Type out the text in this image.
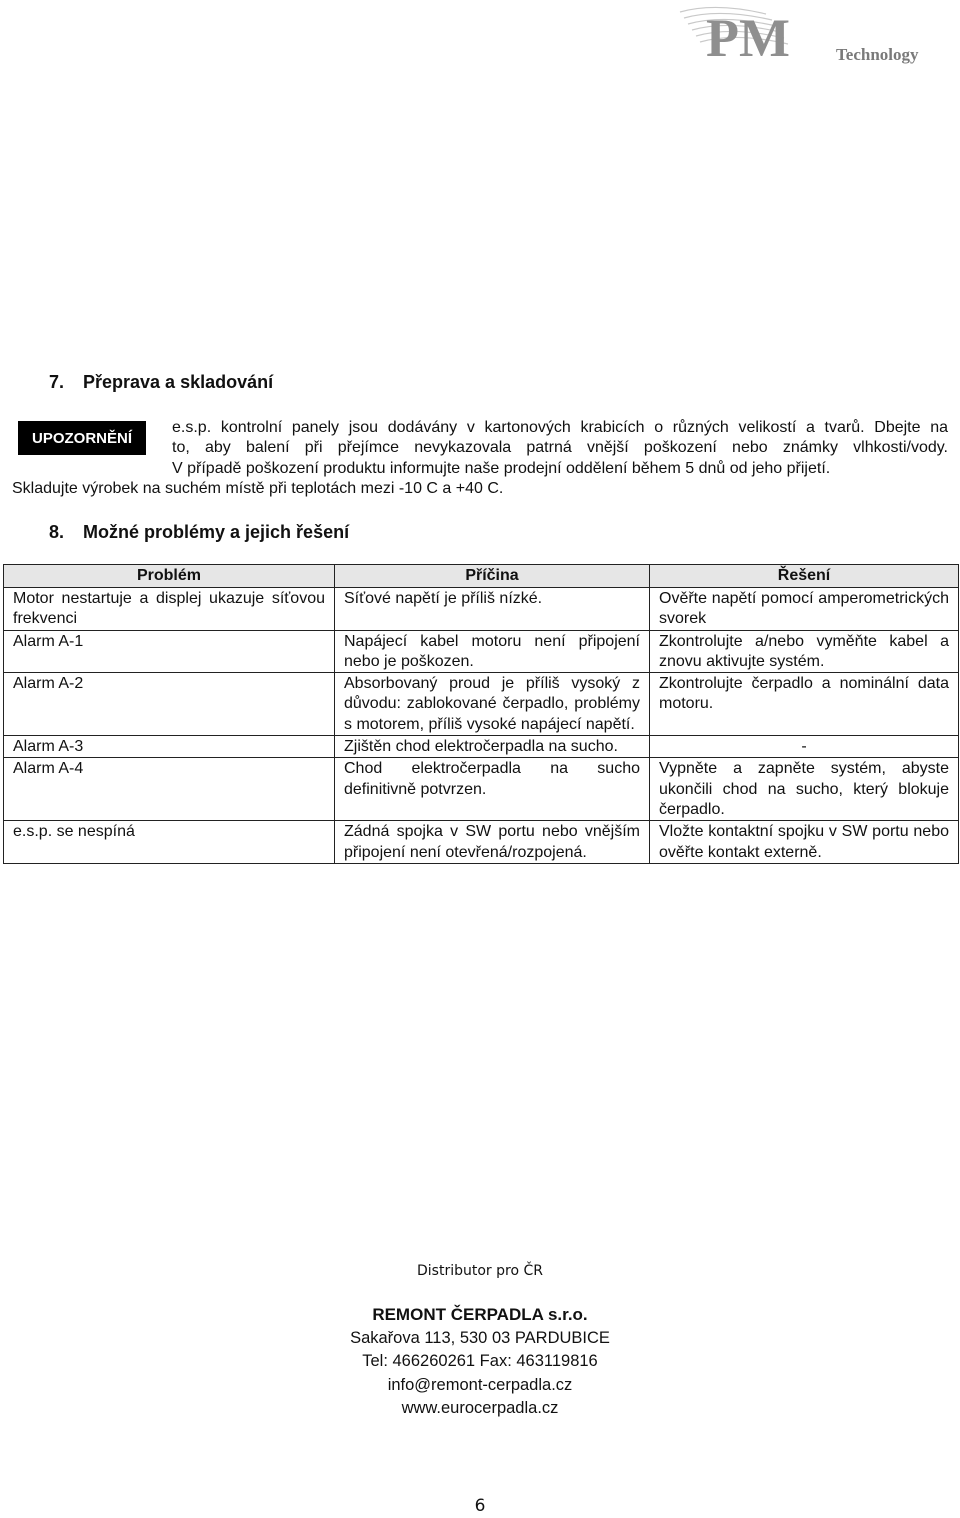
PM	Technology
7. Přeprava a skladování
UPOZORNĚNÍ

e.s.p. kontrolní panely jsou dodávány v kartonových krabicích o různých velikostí a tvarů. Dbejte na
to, aby balení při přejímce nevykazovala patrná vnější poškození nebo známky vlhkosti/vody.
V případě poškození produktu informujte naše prodejní oddělení během 5 dnů od jeho přijetí.

Skladujte výrobek na suchém místě při teplotách mezi -10 C a +40 C.

8. Možné problémy a jejich řešení
Problém	Příčina	Řešení
Motor nestartuje a displej ukazuje síťovou frekvenci	Síťové napětí je příliš nízké.	Ověřte napětí pomocí amperometrických svorek
Alarm A-1	Napájecí kabel motoru není připojení nebo je poškozen.	Zkontrolujte a/nebo vyměňte kabel a znovu aktivujte systém.
Alarm A-2	Absorbovaný proud je příliš vysoký z důvodu: zablokované čerpadlo, problémy s motorem, příliš vysoké napájecí napětí.	Zkontrolujte čerpadlo a nominální data motoru.
Alarm A-3	Zjištěn chod elektročerpadla na sucho.	-
Alarm A-4	Chod elektročerpadla na sucho definitivně potvrzen.	Vypněte a zapněte systém, abyste ukončili chod na sucho, který blokuje čerpadlo.
e.s.p. se nespíná	Zádná spojka v SW portu nebo vnějším připojení není otevřená/rozpojená.	Vložte kontaktní spojku v SW portu nebo ověřte kontakt externě.

Distributor pro ČR

REMONT ČERPADLA s.r.o.

Sakařova 113, 530 03 PARDUBICE

Tel: 466260261 Fax: 463119816

info@remont-cerpadla.cz

www.eurocerpadla.cz

6
